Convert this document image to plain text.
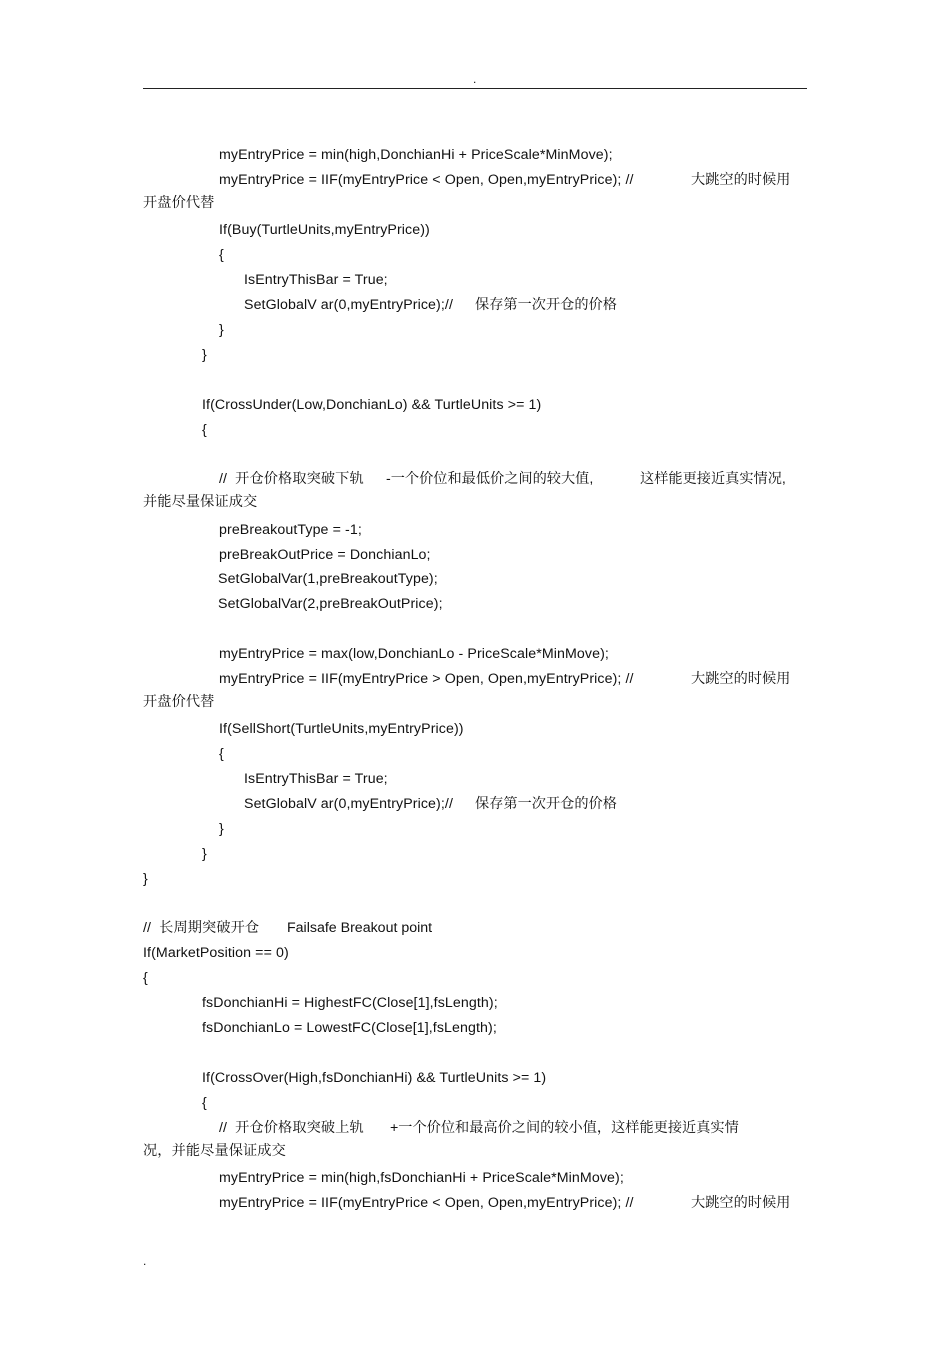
.
myEntryPrice = min(high,DonchianHi + PriceScale*MinMove);
myEntryPrice = IIF(myEntryPrice < Open, Open,myEntryPrice); //	大跳空的时候用
开盘价代替
If(Buy(TurtleUnits,myEntryPrice))
{
IsEntryThisBar = True;
SetGlobalV ar(0,myEntryPrice);// 保存第一次开仓的价格
}
}
If(CrossUnder(Low,DonchianLo) && TurtleUnits >= 1)
{
//  开仓价格取突破下轨 -一个价位和最低价之间的较大值,	这样能更接近真实情况,
并能尽量保证成交
preBreakoutType = -1;
preBreakOutPrice = DonchianLo;
SetGlobalVar(1,preBreakoutType);
SetGlobalVar(2,preBreakOutPrice);
myEntryPrice = max(low,DonchianLo - PriceScale*MinMove);
myEntryPrice = IIF(myEntryPrice > Open, Open,myEntryPrice); //	大跳空的时候用
开盘价代替
If(SellShort(TurtleUnits,myEntryPrice))
{
IsEntryThisBar = True;
SetGlobalV ar(0,myEntryPrice);// 保存第一次开仓的价格
}
}
}
//  长周期突破开仓 Failsafe Breakout point
If(MarketPosition == 0)
{
fsDonchianHi = HighestFC(Close[1],fsLength);
fsDonchianLo = LowestFC(Close[1],fsLength);
If(CrossOver(High,fsDonchianHi) && TurtleUnits >= 1)
{
//  开仓价格取突破上轨 +一个价位和最高价之间的较小值，这样能更接近真实情
况，并能尽量保证成交
myEntryPrice = min(high,fsDonchianHi + PriceScale*MinMove);
myEntryPrice = IIF(myEntryPrice < Open, Open,myEntryPrice); //	大跳空的时候用
.
